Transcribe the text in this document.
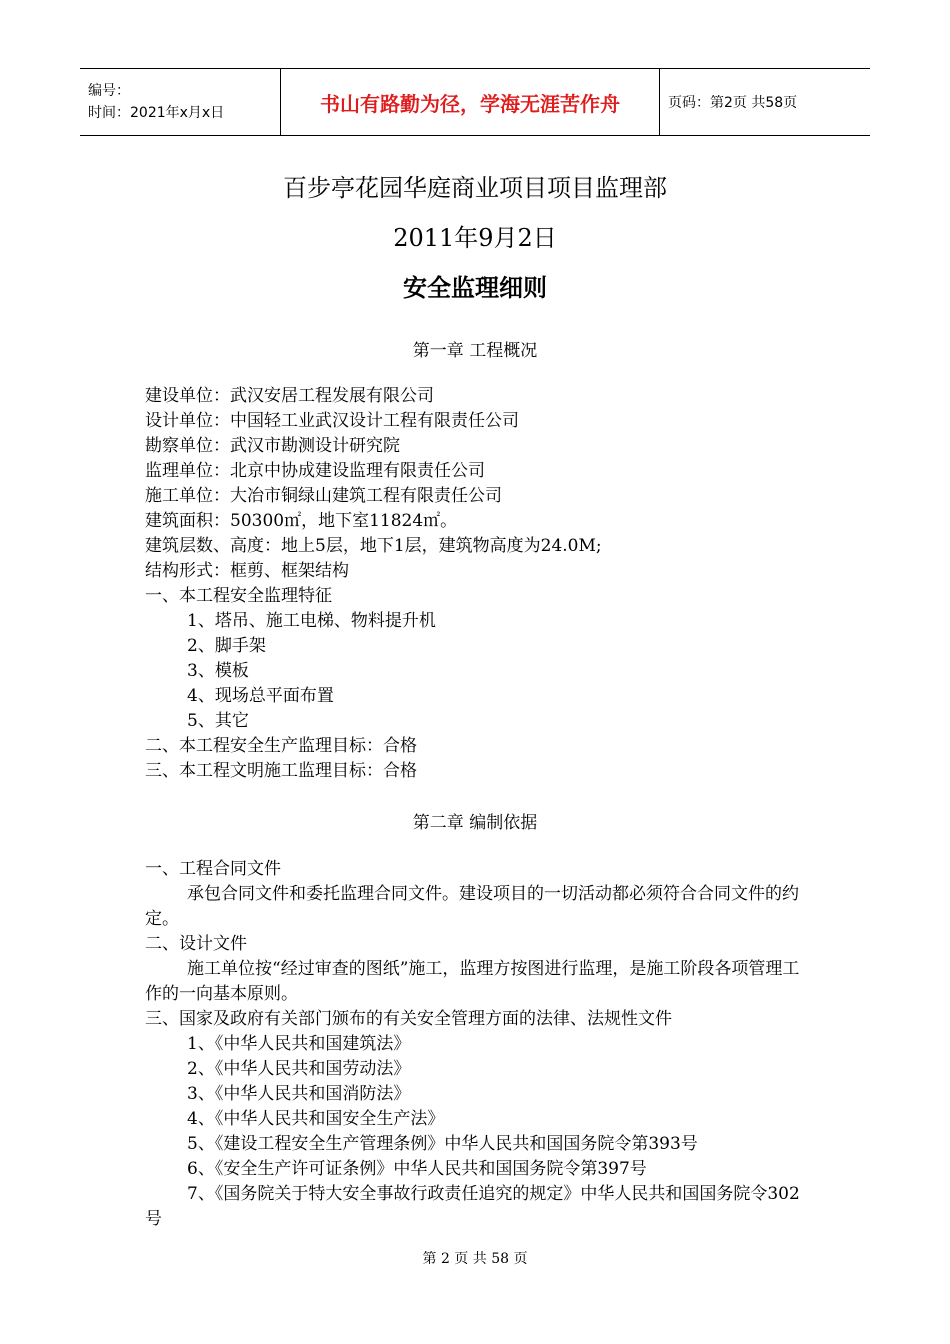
编号：
时间：2021年x月x日	书山有路勤为径，学海无涯苦作舟	页码：第2页 共58页
百步亭花园华庭商业项目项目监理部
2011年9月2日
安全监理细则
第一章 工程概况
建设单位：武汉安居工程发展有限公司
设计单位：中国轻工业武汉设计工程有限责任公司
勘察单位：武汉市勘测设计研究院
监理单位：北京中协成建设监理有限责任公司
施工单位：大冶市铜绿山建筑工程有限责任公司
建筑面积：50300㎡，地下室11824㎡。
建筑层数、高度：地上5层，地下1层，建筑物高度为24.0M;
结构形式：框剪、框架结构
一、本工程安全监理特征
1、塔吊、施工电梯、物料提升机
2、脚手架
3、模板
4、现场总平面布置
5、其它
二、本工程安全生产监理目标：合格
三、本工程文明施工监理目标：合格
第二章 编制依据
一、工程合同文件
承包合同文件和委托监理合同文件。建设项目的一切活动都必须符合合同文件的约定。
二、设计文件
施工单位按“经过审查的图纸”施工，监理方按图进行监理，是施工阶段各项管理工作的一向基本原则。
三、国家及政府有关部门颁布的有关安全管理方面的法律、法规性文件
1、《中华人民共和国建筑法》
2、《中华人民共和国劳动法》
3、《中华人民共和国消防法》
4、《中华人民共和国安全生产法》
5、《建设工程安全生产管理条例》中华人民共和国国务院令第393号
6、《安全生产许可证条例》中华人民共和国国务院令第397号
7、《国务院关于特大安全事故行政责任追究的规定》中华人民共和国国务院令302号
第 2 页 共 58 页
